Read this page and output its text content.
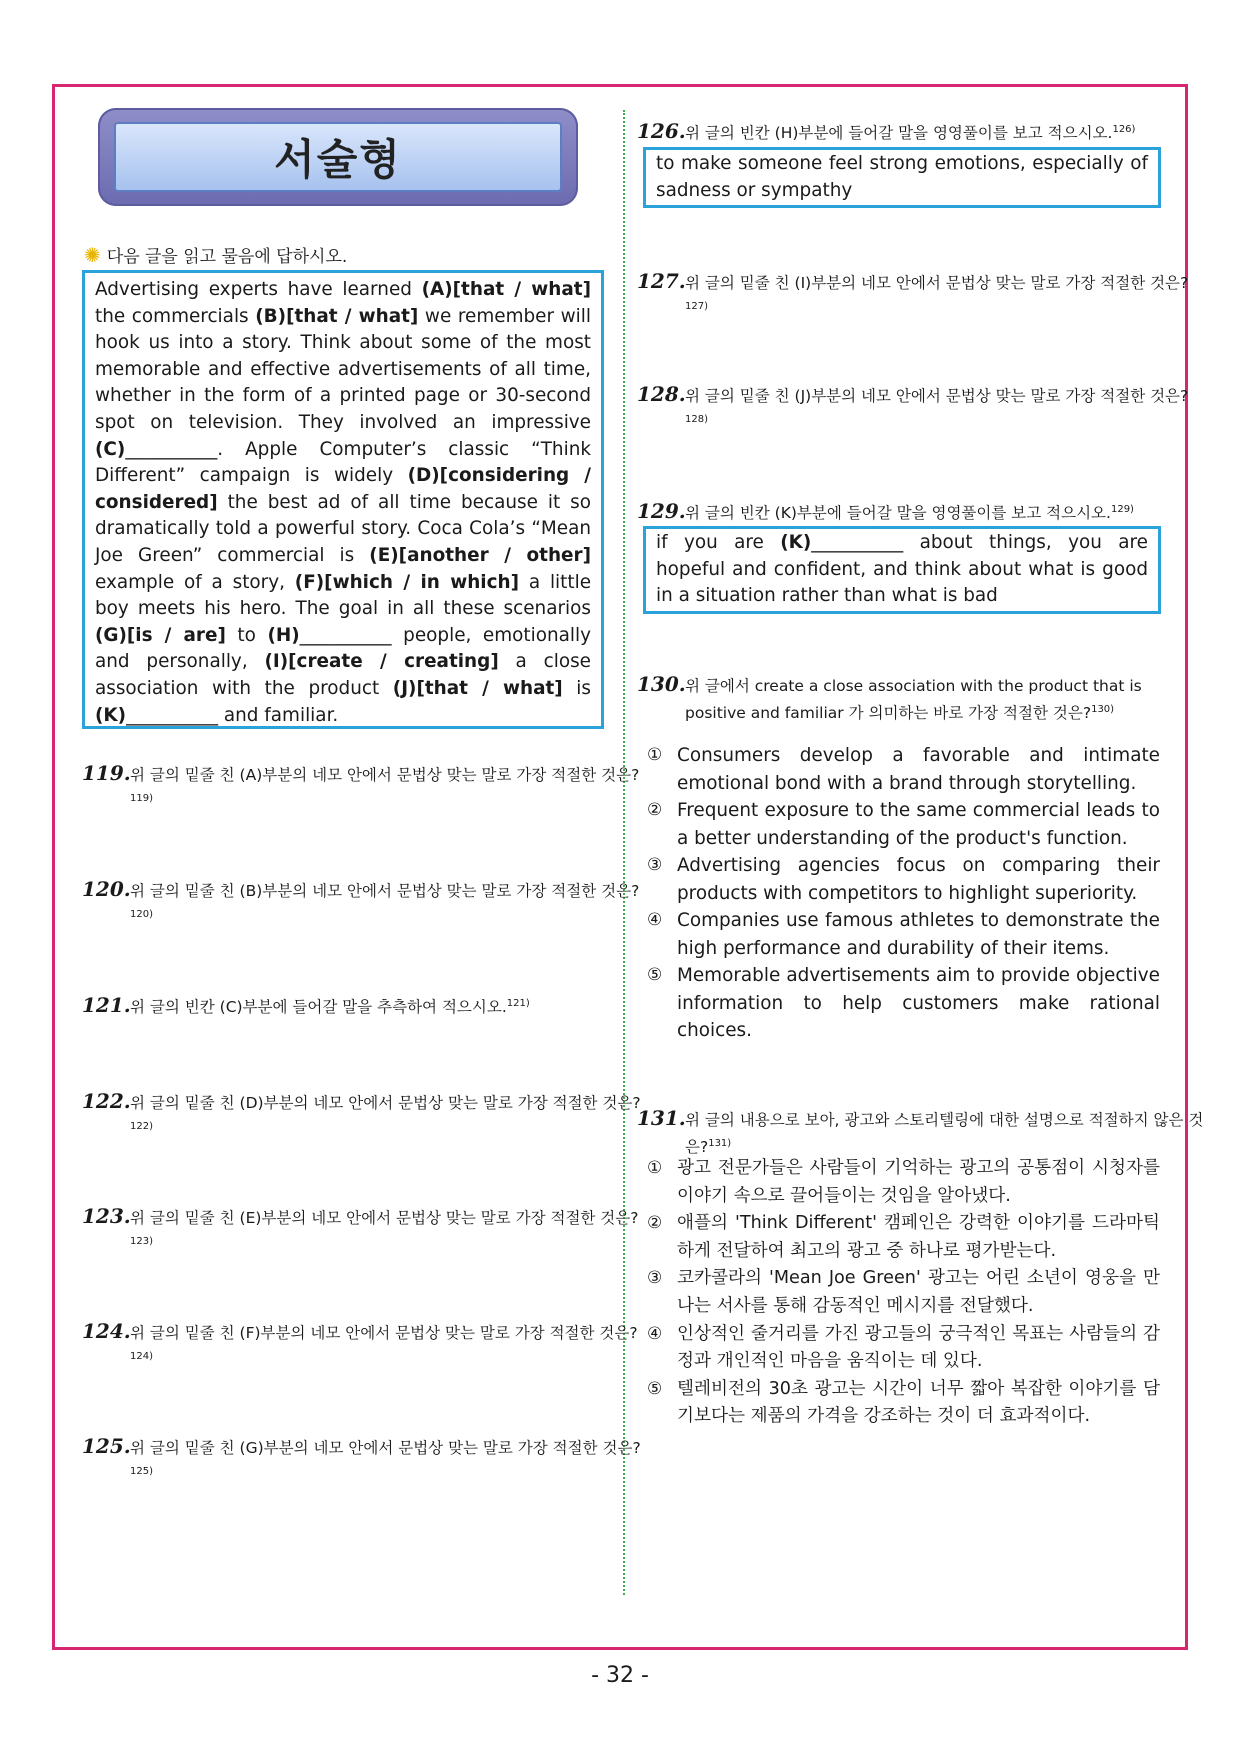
서술형
✺ 다음 글을 읽고 물음에 답하시오.
Advertising experts have learned (A)[that / what] the commercials (B)[that / what] we remember will hook us into a story. Think about some of the most memorable and effective advertisements of all time, whether in the form of a printed page or 30-second spot on television. They involved an impressive (C)__________. Apple Computer’s classic “Think Different” campaign is widely (D)[considering / considered] the best ad of all time because it so dramatically told a powerful story. Coca Cola’s “Mean Joe Green” commercial is (E)[another / other] example of a story, (F)[which / in which] a little boy meets his hero. The goal in all these scenarios (G)[is / are] to (H)__________ people, emotionally and personally, (I)[create / creating] a close association with the product (J)[that / what] is (K)__________ and familiar.
119.위 글의 밑줄 친 (A)부분의 네모 안에서 문법상 맞는 말로 가장 적절한 것은?$^{119)}$
120.위 글의 밑줄 친 (B)부분의 네모 안에서 문법상 맞는 말로 가장 적절한 것은?$^{120)}$
121.위 글의 빈칸 (C)부분에 들어갈 말을 추측하여 적으시오.$^{121)}$
122.위 글의 밑줄 친 (D)부분의 네모 안에서 문법상 맞는 말로 가장 적절한 것은?$^{122)}$
123.위 글의 밑줄 친 (E)부분의 네모 안에서 문법상 맞는 말로 가장 적절한 것은?$^{123)}$
124.위 글의 밑줄 친 (F)부분의 네모 안에서 문법상 맞는 말로 가장 적절한 것은?$^{124)}$
125.위 글의 밑줄 친 (G)부분의 네모 안에서 문법상 맞는 말로 가장 적절한 것은?$^{125)}$
126.위 글의 빈칸 (H)부분에 들어갈 말을 영영풀이를 보고 적으시오.$^{126)}$
to make someone feel strong emotions, especially of sadness or sympathy
127.위 글의 밑줄 친 (I)부분의 네모 안에서 문법상 맞는 말로 가장 적절한 것은?$^{127)}$
128.위 글의 밑줄 친 (J)부분의 네모 안에서 문법상 맞는 말로 가장 적절한 것은?$^{128)}$
129.위 글의 빈칸 (K)부분에 들어갈 말을 영영풀이를 보고 적으시오.$^{129)}$
if you are (K)__________ about things, you are hopeful and confident, and think about what is good in a situation rather than what is bad
130.위 글에서 create a close association with the product that is positive and familiar 가 의미하는 바로 가장 적절한 것은?$^{130)}$
① Consumers develop a favorable and intimate emotional bond with a brand through storytelling.
② Frequent exposure to the same commercial leads to a better understanding of the product's function.
③ Advertising agencies focus on comparing their products with competitors to highlight superiority.
④ Companies use famous athletes to demonstrate the high performance and durability of their items.
⑤ Memorable advertisements aim to provide objective information to help customers make rational choices.
131.위 글의 내용으로 보아, 광고와 스토리텔링에 대한 설명으로 적절하지 않은 것은?$^{131)}$
① 광고 전문가들은 사람들이 기억하는 광고의 공통점이 시청자를 이야기 속으로 끌어들이는 것임을 알아냈다.
② 애플의 'Think Different' 캠페인은 강력한 이야기를 드라마틱하게 전달하여 최고의 광고 중 하나로 평가받는다.
③ 코카콜라의 'Mean Joe Green' 광고는 어린 소년이 영웅을 만나는 서사를 통해 감동적인 메시지를 전달했다.
④ 인상적인 줄거리를 가진 광고들의 궁극적인 목표는 사람들의 감정과 개인적인 마음을 움직이는 데 있다.
⑤ 텔레비전의 30초 광고는 시간이 너무 짧아 복잡한 이야기를 담기보다는 제품의 가격을 강조하는 것이 더 효과적이다.
- 32 -
